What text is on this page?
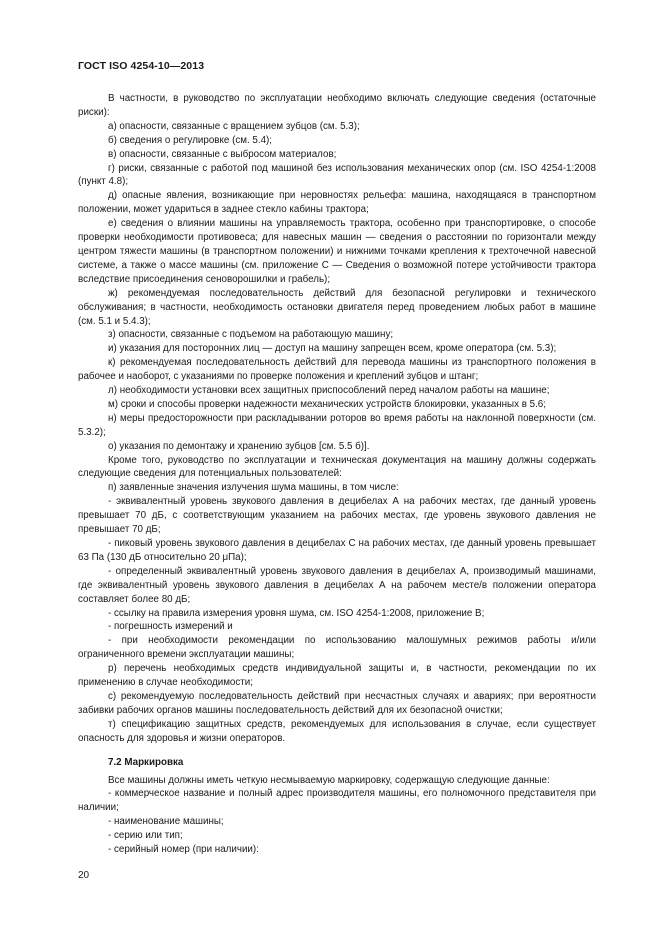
ГОСТ ISO 4254-10—2013

В частности, в руководство по эксплуатации необходимо включать следующие сведения (остаточные риски):

а) опасности, связанные с вращением зубцов (см. 5.3);

б) сведения о регулировке (см. 5.4);

в) опасности, связанные с выбросом материалов;

г) риски, связанные с работой под машиной без использования механических опор (см. ISO 4254-1:2008 (пункт 4.8);

д) опасные явления, возникающие при неровностях рельефа: машина, находящаяся в транспортном положении, может удариться в заднее стекло кабины трактора;

е) сведения о влиянии машины на управляемость трактора, особенно при транспортировке, о способе проверки необходимости противовеса; для навесных машин — сведения о расстоянии по горизонтали между центром тяжести машины (в транспортном положении) и нижними точками крепления к трехточечной навесной системе, а также о массе машины (см. приложение С — Сведения о возможной потере устойчивости трактора вследствие присоединения сеноворошилки и грабель);

ж) рекомендуемая последовательность действий для безопасной регулировки и технического обслуживания; в частности, необходимость остановки двигателя перед проведением любых работ в машине (см. 5.1 и 5.4.3);

з) опасности, связанные с подъемом на работающую машину;

и) указания для посторонних лиц — доступ на машину запрещен всем, кроме оператора (см. 5.3);

к) рекомендуемая последовательность действий для перевода машины из транспортного положения в рабочее и наоборот, с указаниями по проверке положения и креплений зубцов и штанг;

л) необходимости установки всех защитных приспособлений перед началом работы на машине;

м) сроки и способы проверки надежности механических устройств блокировки, указанных в 5.6;

н) меры предосторожности при раскладывании роторов во время работы на наклонной поверхности (см. 5.3.2);

о) указания по демонтажу и хранению зубцов [см. 5.5 б)].

Кроме того, руководство по эксплуатации и техническая документация на машину должны содержать следующие сведения для потенциальных пользователей:

п) заявленные значения излучения шума машины, в том числе:

- эквивалентный уровень звукового давления в децибелах А на рабочих местах, где данный уровень превышает 70 дБ, с соответствующим указанием на рабочих местах, где уровень звукового давления не превышает 70 дБ;

- пиковый уровень звукового давления в децибелах С на рабочих местах, где данный уровень превышает 63 Па (130 дБ относительно 20 μПа);

- определенный эквивалентный уровень звукового давления в децибелах А, производимый машинами, где эквивалентный уровень звукового давления в децибелах А на рабочем месте/в положении оператора составляет более 80 дБ;

- ссылку на правила измерения уровня шума, см. ISO 4254-1:2008, приложение В;

- погрешность измерений и

- при необходимости рекомендации по использованию малошумных режимов работы и/или ограниченного времени эксплуатации машины;

р) перечень необходимых средств индивидуальной защиты и, в частности, рекомендации по их применению в случае необходимости;

с) рекомендуемую последовательность действий при несчастных случаях и авариях; при вероятности забивки рабочих органов машины последовательность действий для их безопасной очистки;

т) спецификацию защитных средств, рекомендуемых для использования в случае, если существует опасность для здоровья и жизни операторов.

7.2 Маркировка

Все машины должны иметь четкую несмываемую маркировку, содержащую следующие данные:

- коммерческое название и полный адрес производителя машины, его полномочного представителя при наличии;

- наименование машины;

- серию или тип;

- серийный номер (при наличии):

20
